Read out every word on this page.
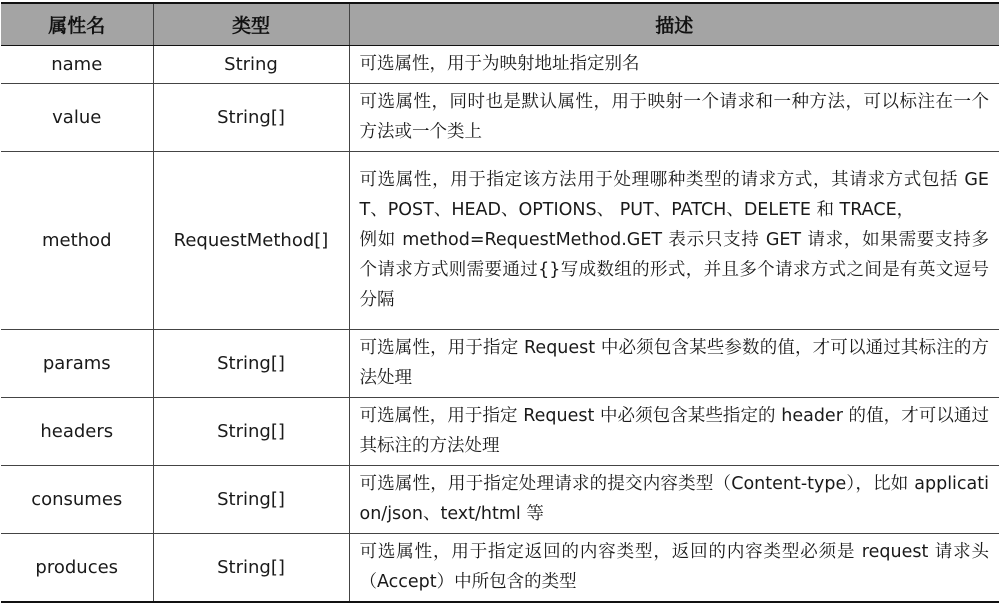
属性名	类型	描述
name	String	可选属性，用于为映射地址指定别名

value	String[]	可选属性，同时也是默认属性，用于映射一个请求和一种方法，可以标注在一个方法或一个类上

method	RequestMethod[]	可选属性，用于指定该方法用于处理哪种类型的请求方式，其请求方式包括 GET、POST、HEAD、OPTIONS、 PUT、PATCH、DELETE 和 TRACE，
例如 method=RequestMethod.GET 表示只支持 GET 请求，如果需要支持多个请求方式则需要通过{}写成数组的形式，并且多个请求方式之间是有英文逗号分隔

params	String[]	可选属性，用于指定 Request 中必须包含某些参数的值，才可以通过其标注的方法处理

headers	String[]	可选属性，用于指定 Request 中必须包含某些指定的 header 的值，才可以通过其标注的方法处理

consumes	String[]	可选属性，用于指定处理请求的提交内容类型（Content-type），比如 application/json、text/html 等

produces	String[]	可选属性，用于指定返回的内容类型，返回的内容类型必须是 request 请求头（Accept）中所包含的类型
